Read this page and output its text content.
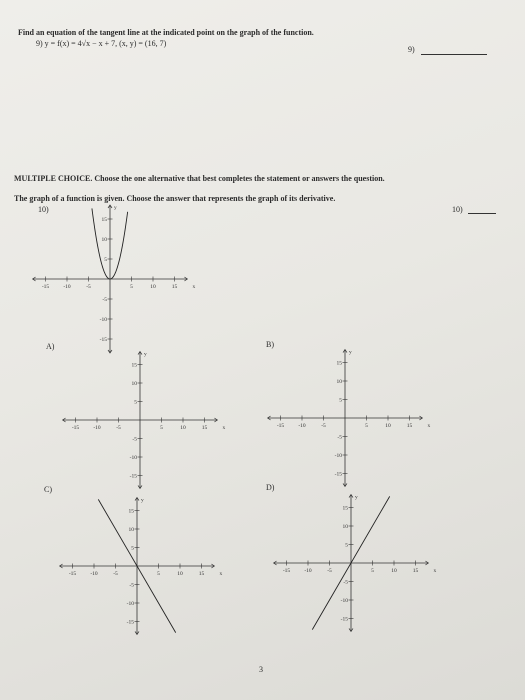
Find an equation of the tangent line at the indicated point on the graph of the function.
9) y = f(x) = 4√x − x + 7, (x, y) = (16, 7)
9)
MULTIPLE CHOICE. Choose the one alternative that best completes the statement or answers the question.
The graph of a function is given. Choose the answer that represents the graph of its derivative.
10)	10)
A)	B)
C)	D)
-15	-10	-5	5	10	15
15
10
5
-5
-10
-15
x
y
-15	-10	-5	5	10	15
15
10
5
-5
-10
-15
x
y
-15	-10	-5	5	10	15
15
10
5
-5
-10
-15
x
y
-15	-10	-5	5	10	15
15
10
5
-5
-10
-15
x
y
-15	-10	-5	5	10	15
15
10
5
-5
-10
-15
x
y
3
